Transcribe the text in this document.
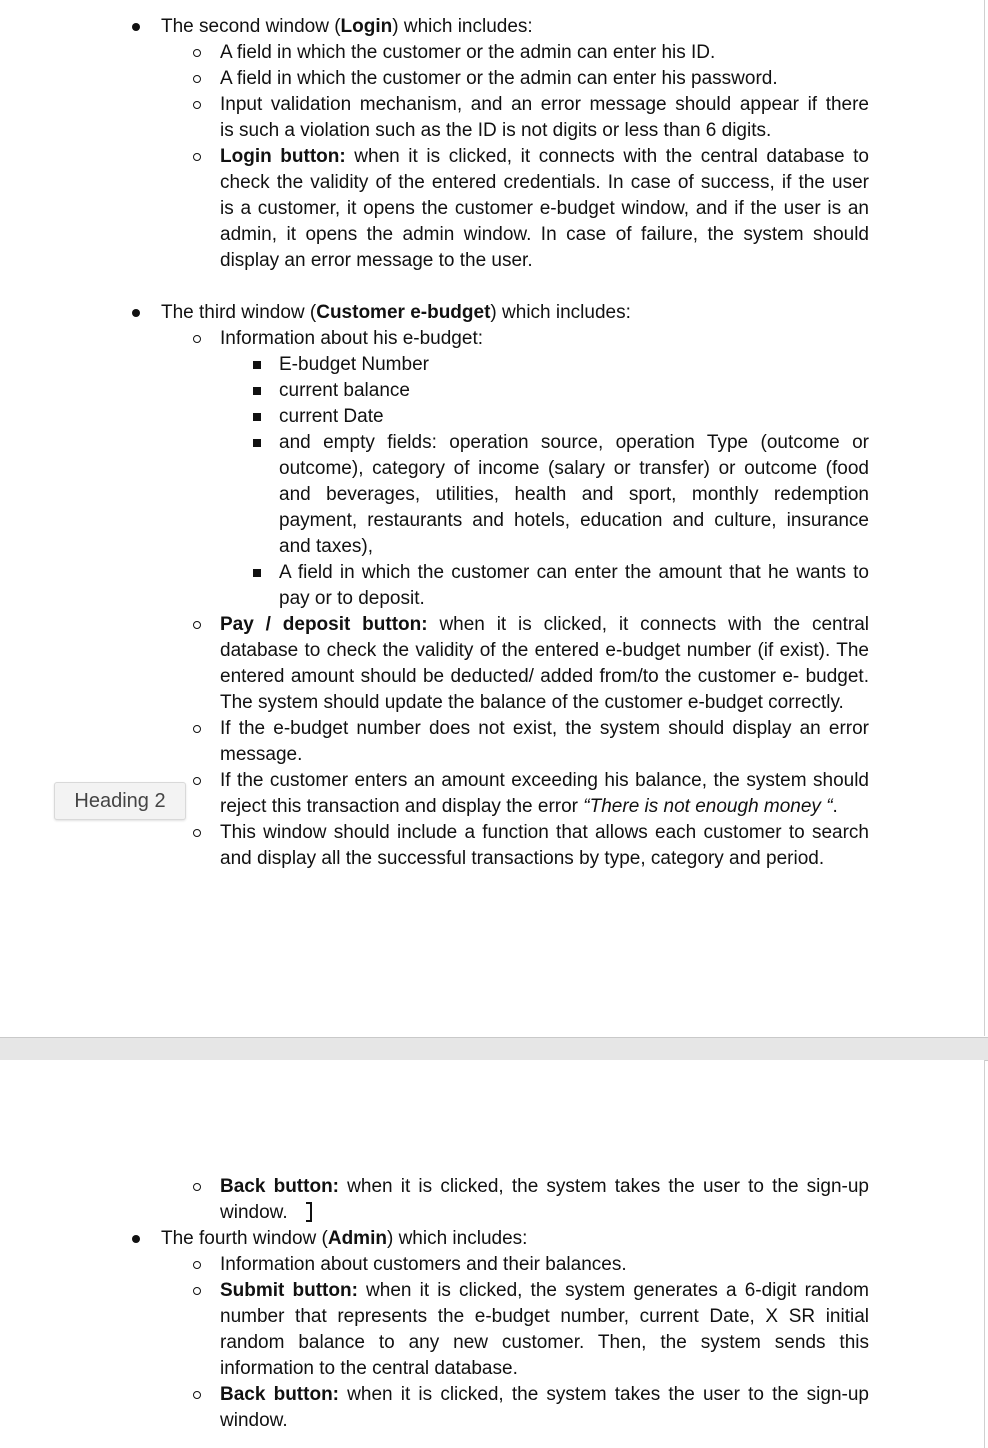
The second window (Login) which includes:
A field in which the customer or the admin can enter his ID.
A field in which the customer or the admin can enter his password.
Input validation mechanism, and an error message should appear if there
is such a violation such as the ID is not digits or less than 6 digits.
Login button: when it is clicked, it connects with the central database to
check the validity of the entered credentials. In case of success, if the user
is a customer, it opens the customer e-budget window, and if the user is an
admin, it opens the admin window. In case of failure, the system should
display an error message to the user.
The third window (Customer e-budget) which includes:
Information about his e-budget:
E-budget Number
current balance
current Date
and empty fields: operation source, operation Type (outcome or
outcome), category of income (salary or transfer) or outcome (food
and beverages, utilities, health and sport, monthly redemption
payment, restaurants and hotels, education and culture, insurance
and taxes),
A field in which the customer can enter the amount that he wants to
pay or to deposit.
Pay / deposit button: when it is clicked, it connects with the central
database to check the validity of the entered e-budget number (if exist). The
entered amount should be deducted/ added from/to the customer e- budget.
The system should update the balance of the customer e-budget correctly.
If the e-budget number does not exist, the system should display an error
message.
If the customer enters an amount exceeding his balance, the system should
reject this transaction and display the error “There is not enough money “.
This window should include a function that allows each customer to search
and display all the successful transactions by type, category and period.
Heading 2
Back button: when it is clicked, the system takes the user to the sign-up
window.
The fourth window (Admin) which includes:
Information about customers and their balances.
Submit button: when it is clicked, the system generates a 6-digit random
number that represents the e-budget number, current Date, X SR initial
random balance to any new customer. Then, the system sends this
information to the central database.
Back button: when it is clicked, the system takes the user to the sign-up
window.
